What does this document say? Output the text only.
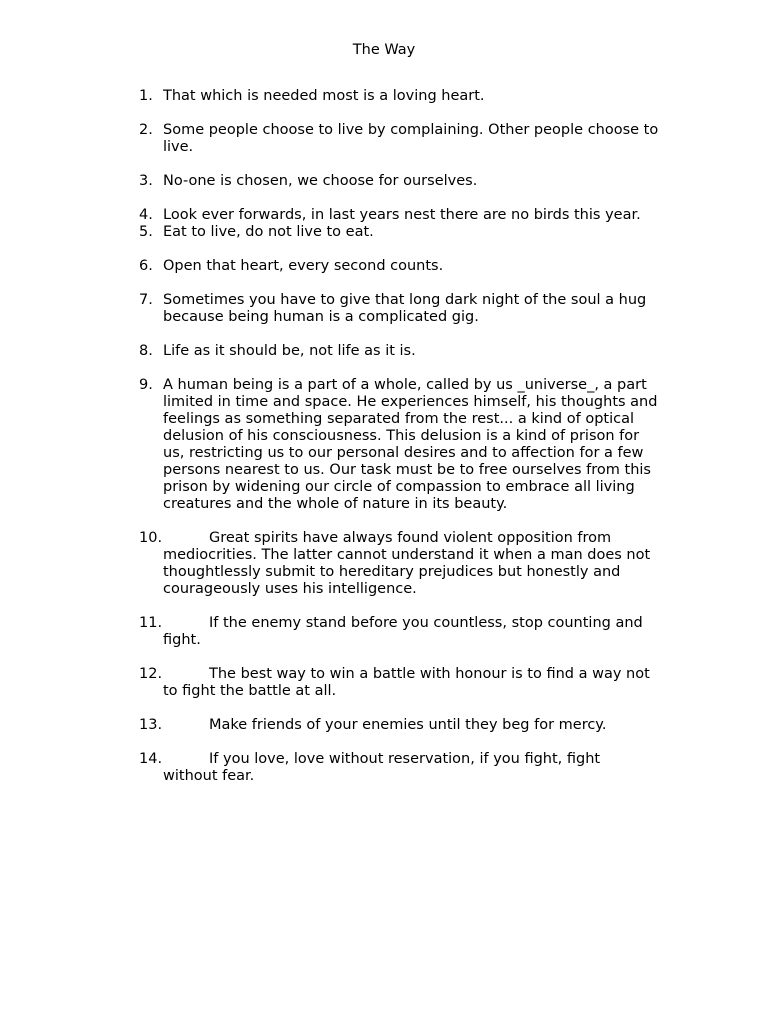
The Way
1. That which is needed most is a loving heart.
2. Some people choose to live by complaining. Other people choose to live.
3. No-one is chosen, we choose for ourselves.
4. Look ever forwards, in last years nest there are no birds this year.
5. Eat to live, do not live to eat.
6. Open that heart, every second counts.
7. Sometimes you have to give that long dark night of the soul a hug because being human is a complicated gig.
8. Life as it should be, not life as it is.
9. A human being is a part of a whole, called by us _universe_, a part limited in time and space. He experiences himself, his thoughts and feelings as something separated from the rest... a kind of optical delusion of his consciousness. This delusion is a kind of prison for us, restricting us to our personal desires and to affection for a few persons nearest to us. Our task must be to free ourselves from this prison by widening our circle of compassion to embrace all living creatures and the whole of nature in its beauty.
10.	Great spirits have always found violent opposition from mediocrities. The latter cannot understand it when a man does not thoughtlessly submit to hereditary prejudices but honestly and courageously uses his intelligence.
11.	If the enemy stand before you countless, stop counting and fight.
12.	The best way to win a battle with honour is to find a way not to fight the battle at all.
13.	Make friends of your enemies until they beg for mercy.
14.	If you love, love without reservation, if you fight, fight without fear.
